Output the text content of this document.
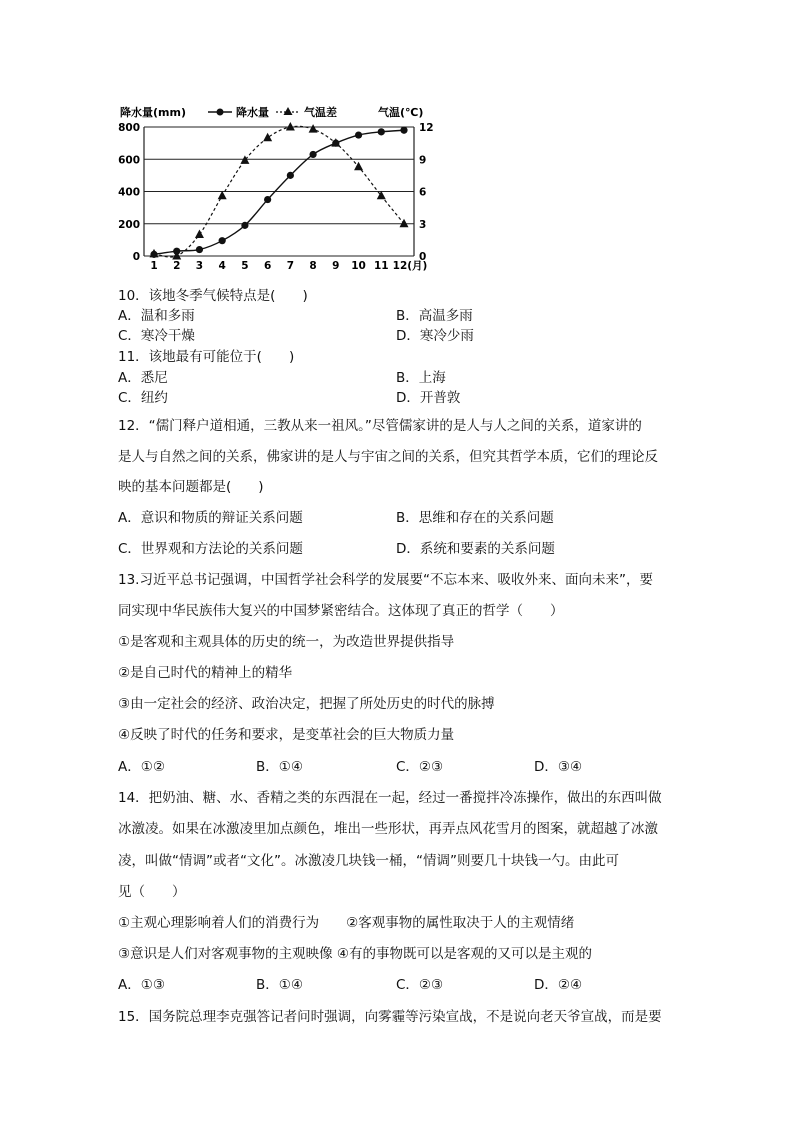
0
200
400
600
800
0
3
6
9
12
1 2 3 4 5 6 7 8 9 10 11 12(月)
降水量(mm)	降水量	气温差	气温(℃)
10．该地冬季气候特点是(　　)
A．温和多雨	B．高温多雨
C．寒冷干燥	D．寒冷少雨
11．该地最有可能位于(　　)
A．悉尼	B．上海
C．纽约	D．开普敦
12．“儒门释户道相通，三教从来一祖风。”尽管儒家讲的是人与人之间的关系，道家讲的
是人与自然之间的关系，佛家讲的是人与宇宙之间的关系，但究其哲学本质，它们的理论反
映的基本问题都是(　　)
A．意识和物质的辩证关系问题	B．思维和存在的关系问题
C．世界观和方法论的关系问题	D．系统和要素的关系问题
13.习近平总书记强调，中国哲学社会科学的发展要“不忘本来、吸收外来、面向未来”，要
同实现中华民族伟大复兴的中国梦紧密结合。这体现了真正的哲学（　　）
①是客观和主观具体的历史的统一，为改造世界提供指导
②是自己时代的精神上的精华
③由一定社会的经济、政治决定，把握了所处历史的时代的脉搏
④反映了时代的任务和要求，是变革社会的巨大物质力量
A．①②	B．①④	C．②③	D．③④
14．把奶油、糖、水、香精之类的东西混在一起，经过一番搅拌冷冻操作，做出的东西叫做
冰激凌。如果在冰激凌里加点颜色，堆出一些形状，再弄点风花雪月的图案，就超越了冰激
凌，叫做“情调”或者“文化”。冰激凌几块钱一桶，“情调”则要几十块钱一勺。由此可
见（　　）
①主观心理影响着人们的消费行为　　②客观事物的属性取决于人的主观情绪
③意识是人们对客观事物的主观映像 ④有的事物既可以是客观的又可以是主观的
A．①③	B．①④	C．②③	D．②④
15．国务院总理李克强答记者问时强调，向雾霾等污染宣战，不是说向老天爷宣战，而是要
